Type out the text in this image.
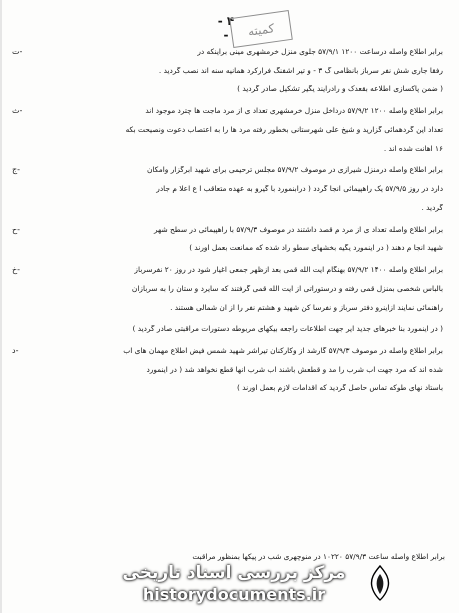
- ۴ -	کمیته
ت-	برابر اطلاع واصله درساعت ۱۲۰۰ ۵۷/۹/۱ جلوی منزل خرمشهری مینی براینکه در
رفقا جاری شش نفر سرباز بانظامی گ ۳ - و تیر اشفنگ فرارکرد همانیه سنه اند نصب گردید .
( ضمن پاکسازی اطلاعه بقعدک و رادرایند یگیر تشکیل صادر گردید )
ث-	برابر اطلاع واصله ۱۲۰۰ ۵۷/۹/۲ درداخل منزل خرمشهری تعداد ی از مرد ماجت ها چترد موجود اند
تعداد این گردهمائی گزارید و شیخ علی شهرستانی بخطور رفته مرد ها را به اعتصاب دعوت ونصیحت بکه
۱۶ اهانت شده اند .
ج-	برابر اطلاع واصله درمنزل شیرازی در موصوف ۵۷/۹/۲ مجلس ترحیمی برای شهید ابرگزار وامکان
دارد در روز ۵۷/۹/۵ یک راهپیمائی انجا گردد ( درابنمورد با گیرو به عهده متعاقب ا ع اعلا م جادر
گردید .
ح-	برابر اطلاع واصله تعداد ی از مرد م قصد داشتند در موصوف ۵۷/۹/۳ با راهپیمائی در سطح شهر
شهید انجا م دهند ( در اینمورد یگیه بخشهای سطو راد شده که ممانعت بعمل آورند )
خ-	برابر اطلاع واصله ۱۴۰۰ ۵۷/۹/۲ بهنگام آیت الله قمی بعد ازظهر جمعی اغیار شود در روز ۲۰ نفرسرباز
بالباس شخصی بمنزل قمی رفته و درستوراتی از آیت الله قمی گرفتند که سایرد و ستان را به سربازان
راهنمائی نمایند ازاینرو دفتر سرباز و نفرسا کن شهید و هشتم نفر را از آن شمالی هستند .
( در اینمورد بنا خبرهای جدید ایر جهت اطلاعات راجعه بیکهای مربوطه دستورات مراقبتی صادر گردید )
د-	برابر اطلاع واصله در موصوف ۵۷/۹/۳ گارشد از وکارکنان تیراشر شهید شمس فیض اطلاع مهمان های آب
شده اند که مرد جهت آب شرب را مد و قطعش باشند آب شرب آنها قطع نخواهد شد ( در اینمورد
باستاد نهای طوکه تماس حاصل گردید که اقدامات لازم بعمل آورند )
برابر اطلاع واصله ساعت ۵۷/۹/۳ ۱۰۲۲۰ در منوچهری شب در پیکها بمنظور مراقبت
مرکز بررسی اسناد تاریخی
historydocuments.ir
